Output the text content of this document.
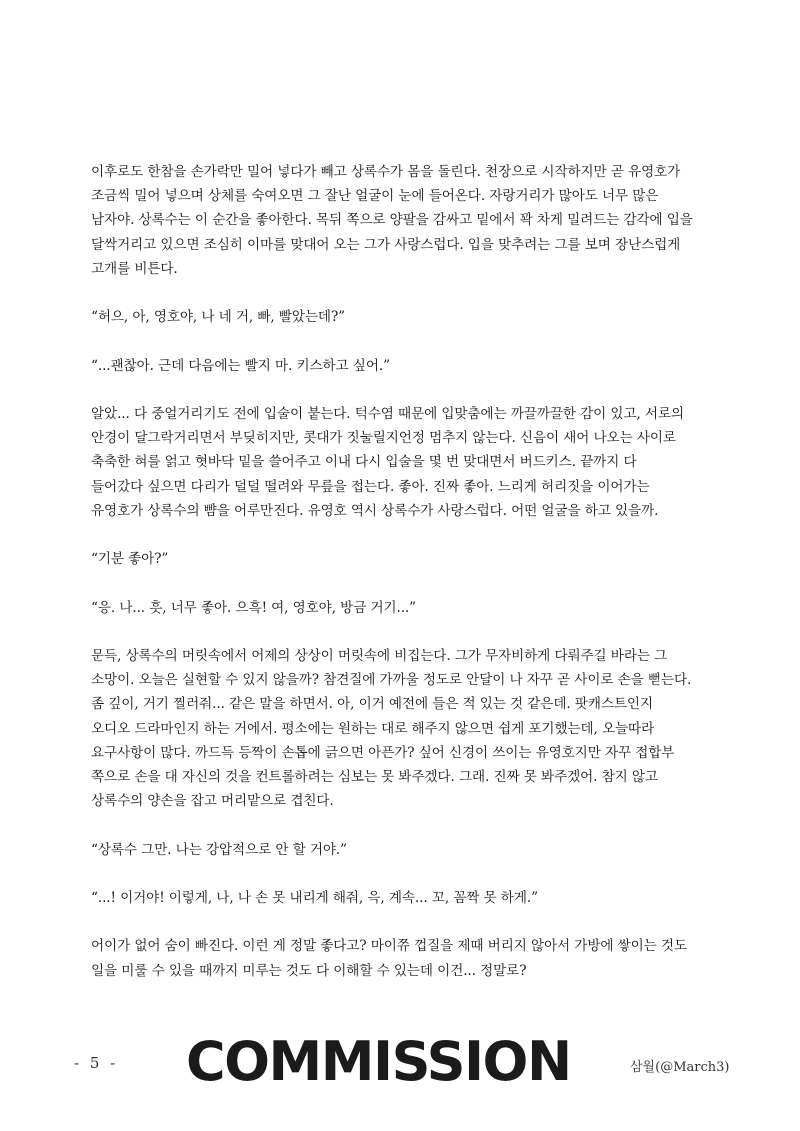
이후로도 한참을 손가락만 밀어 넣다가 빼고 상록수가 몸을 돌린다. 천장으로 시작하지만 곧 유영호가
조금씩 밀어 넣으며 상체를 숙여오면 그 잘난 얼굴이 눈에 들어온다. 자랑거리가 많아도 너무 많은
남자야. 상록수는 이 순간을 좋아한다. 목뒤 쪽으로 양팔을 감싸고 밑에서 꽉 차게 밀려드는 감각에 입을
달싹거리고 있으면 조심히 이마를 맞대어 오는 그가 사랑스럽다. 입을 맞추려는 그를 보며 장난스럽게
고개를 비튼다.

“허으, 아, 영호야, 나 네 거, 빠, 빨았는데?”

“...괜찮아. 근데 다음에는 빨지 마. 키스하고 싶어.”

알았... 다 중얼거리기도 전에 입술이 붙는다. 턱수염 때문에 입맞춤에는 까끌까끌한 감이 있고, 서로의
안경이 달그락거리면서 부딪히지만, 콧대가 짓눌릴지언정 멈추지 않는다. 신음이 새어 나오는 사이로
축축한 혀를 얽고 혓바닥 밑을 쓸어주고 이내 다시 입술을 몇 번 맞대면서 버드키스. 끝까지 다
들어갔다 싶으면 다리가 덜덜 떨려와 무릎을 접는다. 좋아. 진짜 좋아. 느리게 허리짓을 이어가는
유영호가 상록수의 뺨을 어루만진다. 유영호 역시 상록수가 사랑스럽다. 어떤 얼굴을 하고 있을까.

“기분 좋아?”

“응. 나... 흣, 너무 좋아. 으흑! 여, 영호야, 방금 거기...”

문득, 상록수의 머릿속에서 어제의 상상이 머릿속에 비집는다. 그가 무자비하게 다뤄주길 바라는 그
소망이. 오늘은 실현할 수 있지 않을까? 참견질에 가까울 정도로 안달이 나 자꾸 곧 사이로 손을 뻗는다.
좀 깊이, 거기 찔러줘... 같은 말을 하면서. 아, 이거 예전에 들은 적 있는 것 같은데. 팟캐스트인지
오디오 드라마인지 하는 거에서. 평소에는 원하는 대로 해주지 않으면 쉽게 포기했는데, 오늘따라
요구사항이 많다. 까드득 등짝이 손톱에 긁으면 아픈가? 싶어 신경이 쓰이는 유영호지만 자꾸 접합부
쪽으로 손을 대 자신의 것을 컨트롤하려는 심보는 못 봐주겠다. 그래. 진짜 못 봐주겠어. 참지 않고
상록수의 양손을 잡고 머리맡으로 겹친다.

“상록수 그만. 나는 강압적으로 안 할 거야.”

“...! 이거야! 이렇게, 나, 나 손 못 내리게 해줘, 윽, 계속... 꼬, 꼼짝 못 하게.”

어이가 없어 숨이 빠진다. 이런 게 정말 좋다고? 마이쮸 껍질을 제때 버리지 않아서 가방에 쌓이는 것도
일을 미룰 수 있을 때까지 미루는 것도 다 이해할 수 있는데 이건... 정말로?

- 5 - COMMISSION	삼월(@March3)
